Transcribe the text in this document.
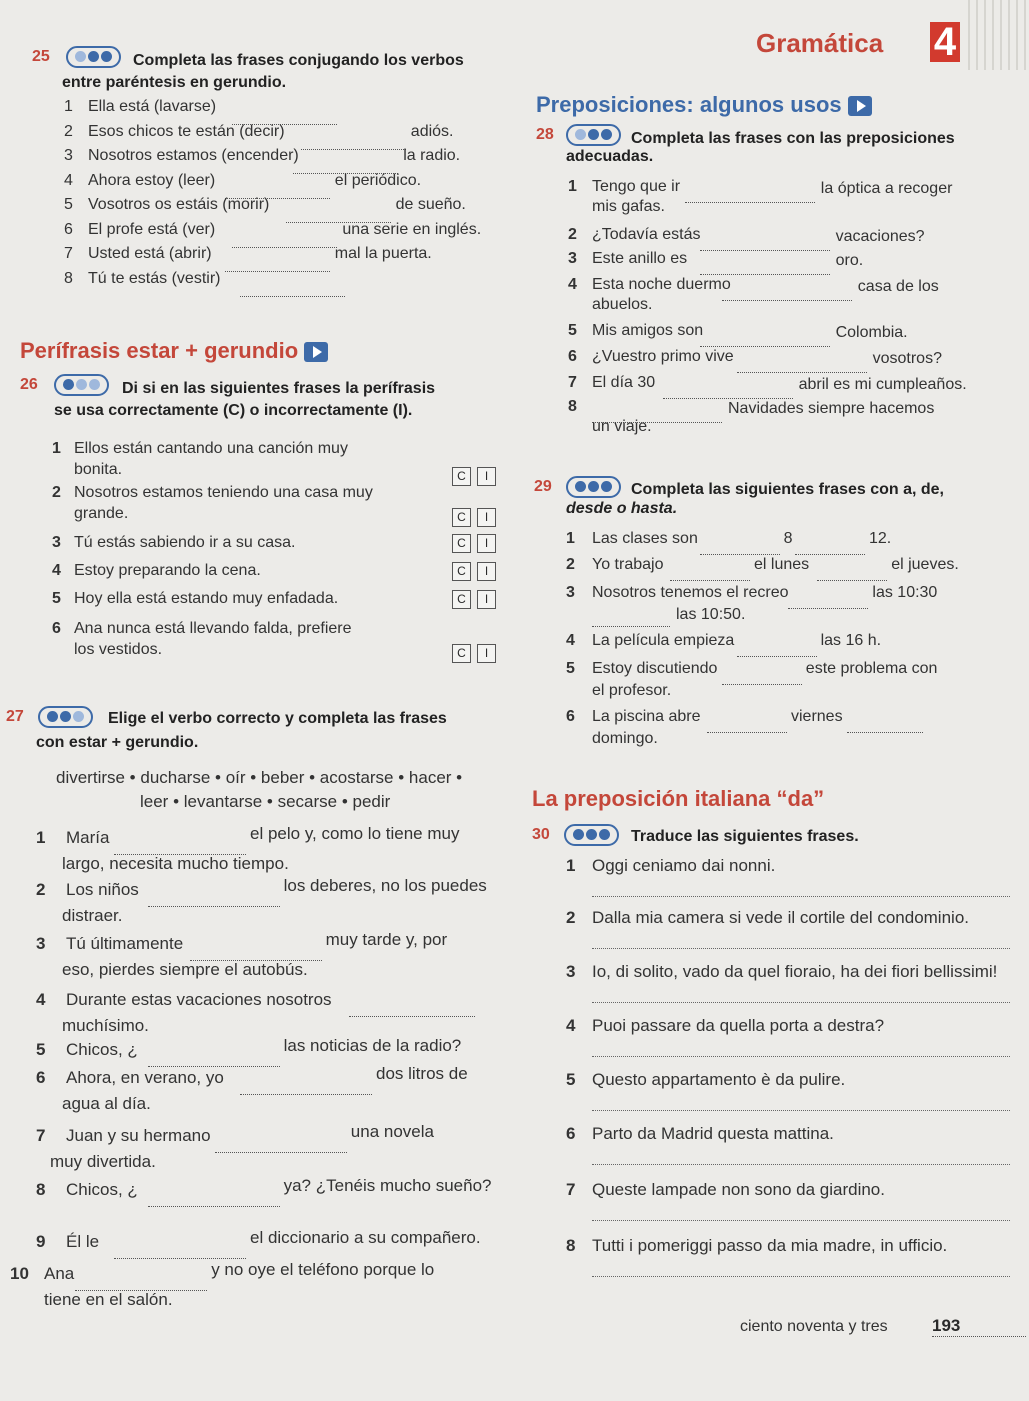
Gramática 4
25	Completa las frases conjugando los verbos
entre paréntesis en gerundio.
1 Ella está (lavarse)
2 Esos chicos te están (decir)	adiós.
3 Nosotros estamos (encender)	la radio.
4 Ahora estoy (leer)	el periódico.
5 Vosotros os estáis (morir)	de sueño.
6 El profe está (ver)	una serie en inglés.
7 Usted está (abrir)	mal la puerta.
8 Tú te estás (vestir)
Perífrasis estar + gerundio
26	Di si en las siguientes frases la perífrasis
se usa correctamente (C) o incorrectamente (I).
1 Ellos están cantando una canción muy
bonita.	C I
2 Nosotros estamos teniendo una casa muy
grande.	C I
3 Tú estás sabiendo ir a su casa.	C I
4 Estoy preparando la cena.	C I
5 Hoy ella está estando muy enfadada.	C I
6 Ana nunca está llevando falda, prefiere
los vestidos.	C I
27	Elige el verbo correcto y completa las frases
con estar + gerundio.
divertirse • ducharse • oír • beber • acostarse • hacer •
leer • levantarse • secarse • pedir
1 María	el pelo y, como lo tiene muy
largo, necesita mucho tiempo.
2 Los niños	los deberes, no los puedes
distraer.
3 Tú últimamente	muy tarde y, por
eso, pierdes siempre el autobús.
4 Durante estas vacaciones nosotros
muchísimo.
5 Chicos, ¿	las noticias de la radio?
6 Ahora, en verano, yo	dos litros de
agua al día.
7 Juan y su hermano	una novela
muy divertida.
8 Chicos, ¿	ya? ¿Tenéis mucho sueño?
9 Él le	el diccionario a su compañero.
10 Ana	y no oye el teléfono porque lo
tiene en el salón.
Preposiciones: algunos usos
28	Completa las frases con las preposiciones
adecuadas.
1 Tengo que ir	la óptica a recoger
mis gafas.
2 ¿Todavía estás	vacaciones?
3 Este anillo es	oro.
4 Esta noche duermo	casa de los
abuelos.
5 Mis amigos son	Colombia.
6 ¿Vuestro primo vive	vosotros?
7 El día 30	abril es mi cumpleaños.
8	Navidades siempre hacemos
un viaje.
29	Completa las siguientes frases con a, de,
desde o hasta.
1 Las clases son	8	12.
2 Yo trabajo	el lunes	el jueves.
3 Nosotros tenemos el recreo	las 10:30
las 10:50.
4 La película empieza	las 16 h.
5 Estoy discutiendo	este problema con
el profesor.
6 La piscina abre	viernes
domingo.
La preposición italiana “da”
30	Traduce las siguientes frases.
1 Oggi ceniamo dai nonni.
2 Dalla mia camera si vede il cortile del condominio.
3 Io, di solito, vado da quel fioraio, ha dei fiori bellissimi!
4 Puoi passare da quella porta a destra?
5 Questo appartamento è da pulire.
6 Parto da Madrid questa mattina.
7 Queste lampade non sono da giardino.
8 Tutti i pomeriggi passo da mia madre, in ufficio.
ciento noventa y tres	193
